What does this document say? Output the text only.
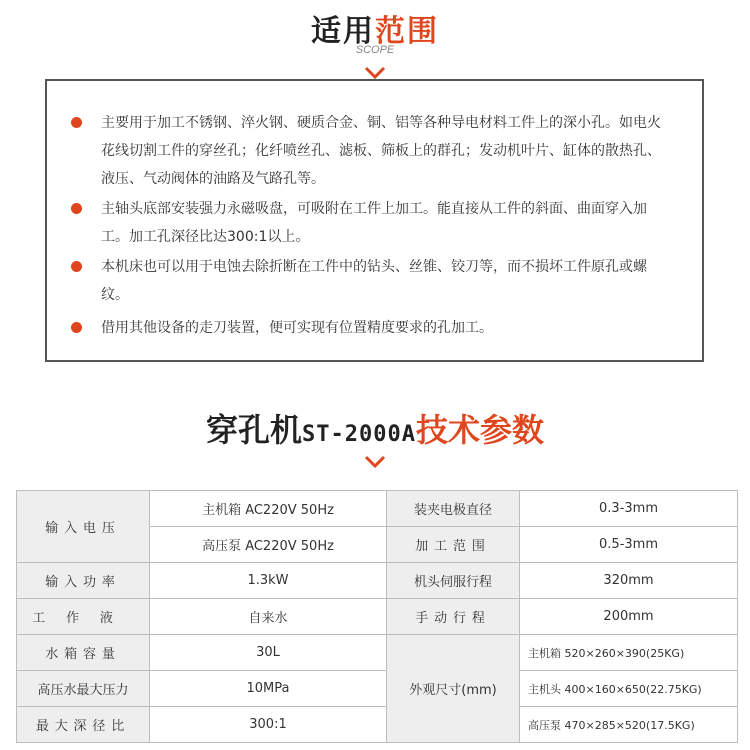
适用范围
SCOPE
主要用于加工不锈钢、淬火钢、硬质合金、铜、铝等各种导电材料工件上的深小孔。如电火花线切割工件的穿丝孔；化纤喷丝孔、滤板、筛板上的群孔；发动机叶片、缸体的散热孔、液压、气动阀体的油路及气路孔等。
主轴头底部安装强力永磁吸盘，可吸附在工件上加工。能直接从工件的斜面、曲面穿入加工。加工孔深径比达300:1以上。
本机床也可以用于电蚀去除折断在工件中的钻头、丝锥、铰刀等，而不损坏工件原孔或螺纹。
借用其他设备的走刀装置，便可实现有位置精度要求的孔加工。
穿孔机ST-2000A技术参数
输入电压	主机箱 AC220V 50Hz	装夹电极直径	0.3-3mm
	高压泵 AC220V 50Hz	加工范围	0.5-3mm
输入功率	1.3kW	机头伺服行程	320mm
工作液	自来水	手动行程	200mm
水箱容量	30L	外观尺寸(mm)	主机箱 520×260×390(25KG)
高压水最大压力	10MPa		主机头 400×160×650(22.75KG)
最大深径比	300:1		高压泵 470×285×520(17.5KG)
